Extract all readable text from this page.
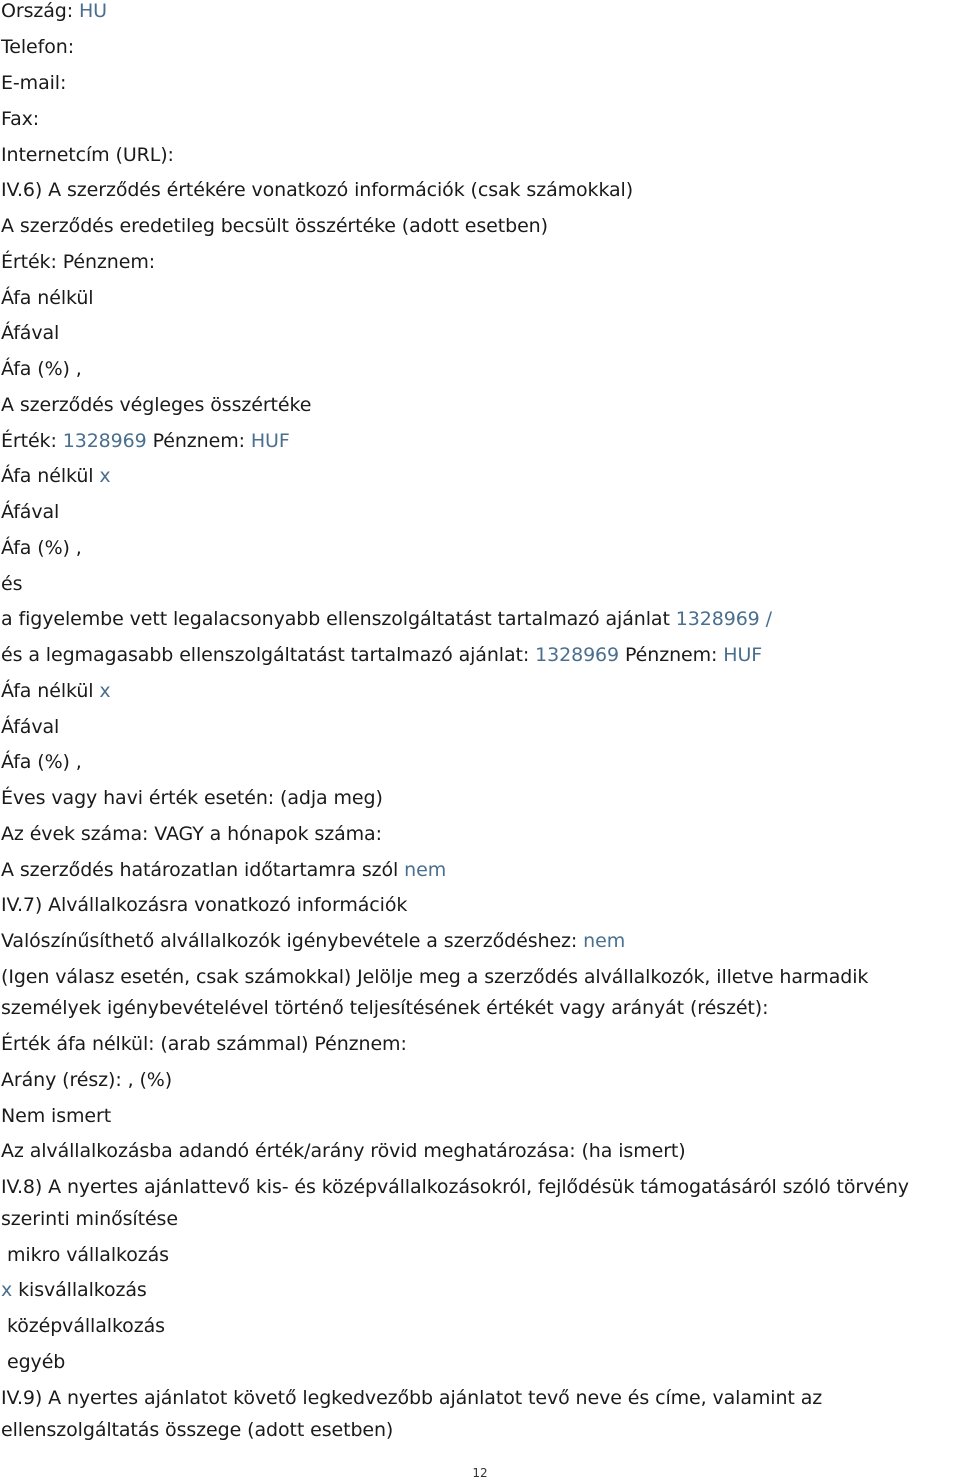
Ország: HU

Telefon:

E-mail:

Fax:

Internetcím (URL):

IV.6) A szerződés értékére vonatkozó információk (csak számokkal)

A szerződés eredetileg becsült összértéke (adott esetben)

Érték: Pénznem:

Áfa nélkül

Áfával

Áfa (%) ,

A szerződés végleges összértéke

Érték: 1328969 Pénznem: HUF

Áfa nélkül x

Áfával

Áfa (%) ,

és

a figyelembe vett legalacsonyabb ellenszolgáltatást tartalmazó ajánlat 1328969 /

és a legmagasabb ellenszolgáltatást tartalmazó ajánlat: 1328969 Pénznem: HUF

Áfa nélkül x

Áfával

Áfa (%) ,

Éves vagy havi érték esetén: (adja meg)

Az évek száma: VAGY a hónapok száma:

A szerződés határozatlan időtartamra szól nem

IV.7) Alvállalkozásra vonatkozó információk

Valószínűsíthető alvállalkozók igénybevétele a szerződéshez: nem

(Igen válasz esetén, csak számokkal) Jelölje meg a szerződés alvállalkozók, illetve harmadik

személyek igénybevételével történő teljesítésének értékét vagy arányát (részét):

Érték áfa nélkül: (arab számmal) Pénznem:

Arány (rész): , (%)

Nem ismert

Az alvállalkozásba adandó érték/arány rövid meghatározása: (ha ismert)

IV.8) A nyertes ajánlattevő kis- és középvállalkozásokról, fejlődésük támogatásáról szóló törvény

szerinti minősítése

mikro vállalkozás

x kisvállalkozás

középvállalkozás

egyéb

IV.9) A nyertes ajánlatot követő legkedvezőbb ajánlatot tevő neve és címe, valamint az

ellenszolgáltatás összege (adott esetben)

12
